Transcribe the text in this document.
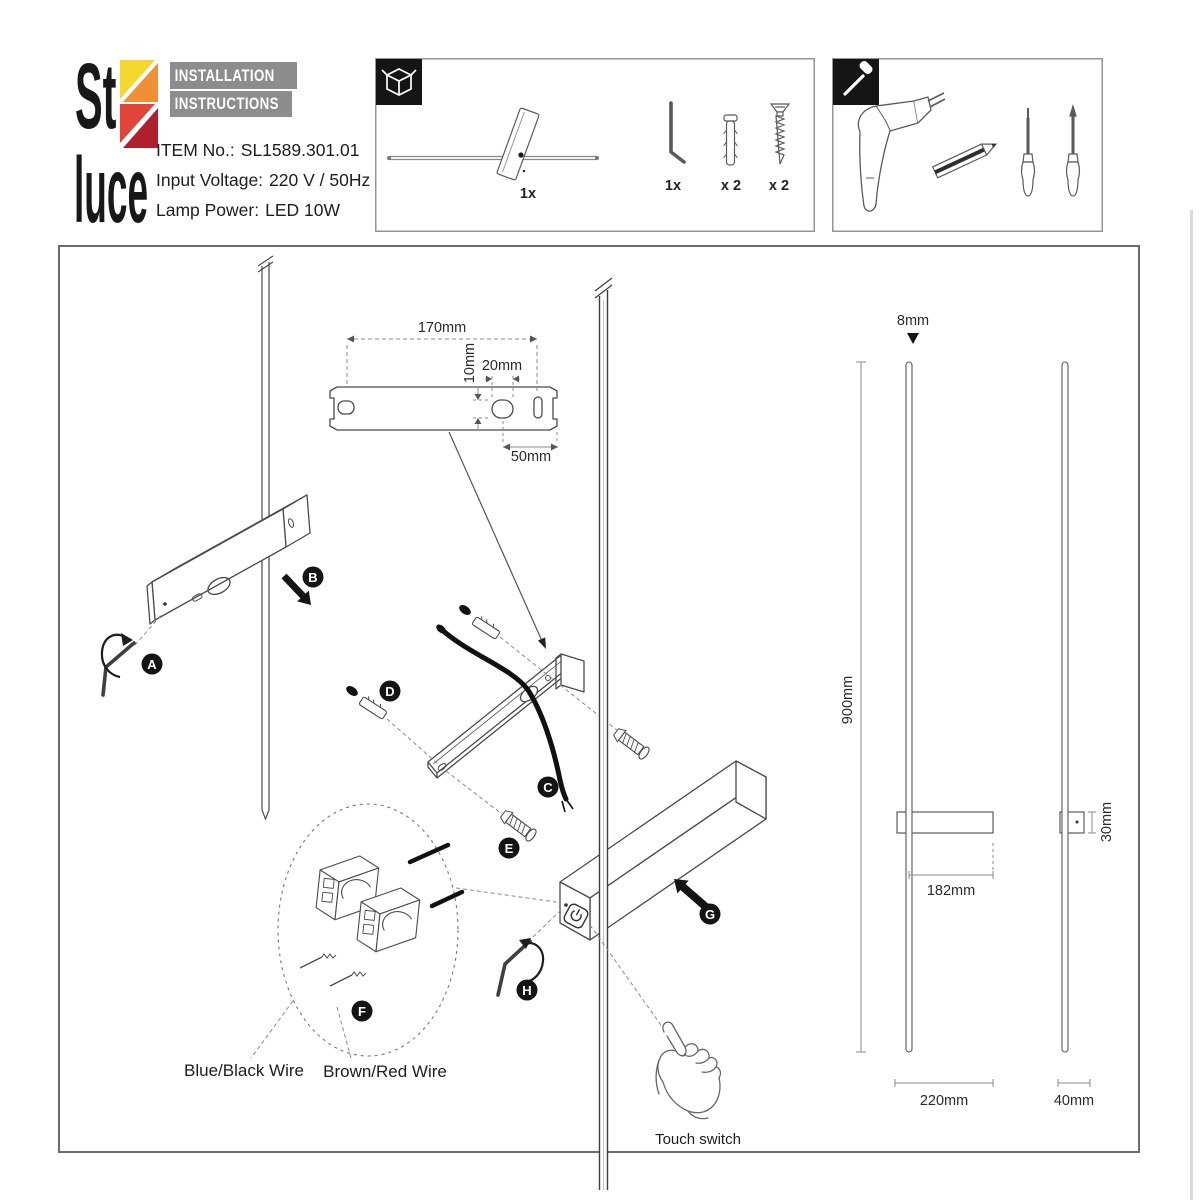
St
luce
INSTALLATION
INSTRUCTIONS
ITEM No.: SL1589.301.01
Input Voltage: 220 V / 50Hz
Lamp Power: LED 10W
1x	1x	x 2 x 2
A
B
170mm
10mm 20mm
50mm
D
E
C
F
Blue/Black Wire Brown/Red Wire
G
H
Touch switch
900mm
8mm
182mm
220mm
30mm
40mm
